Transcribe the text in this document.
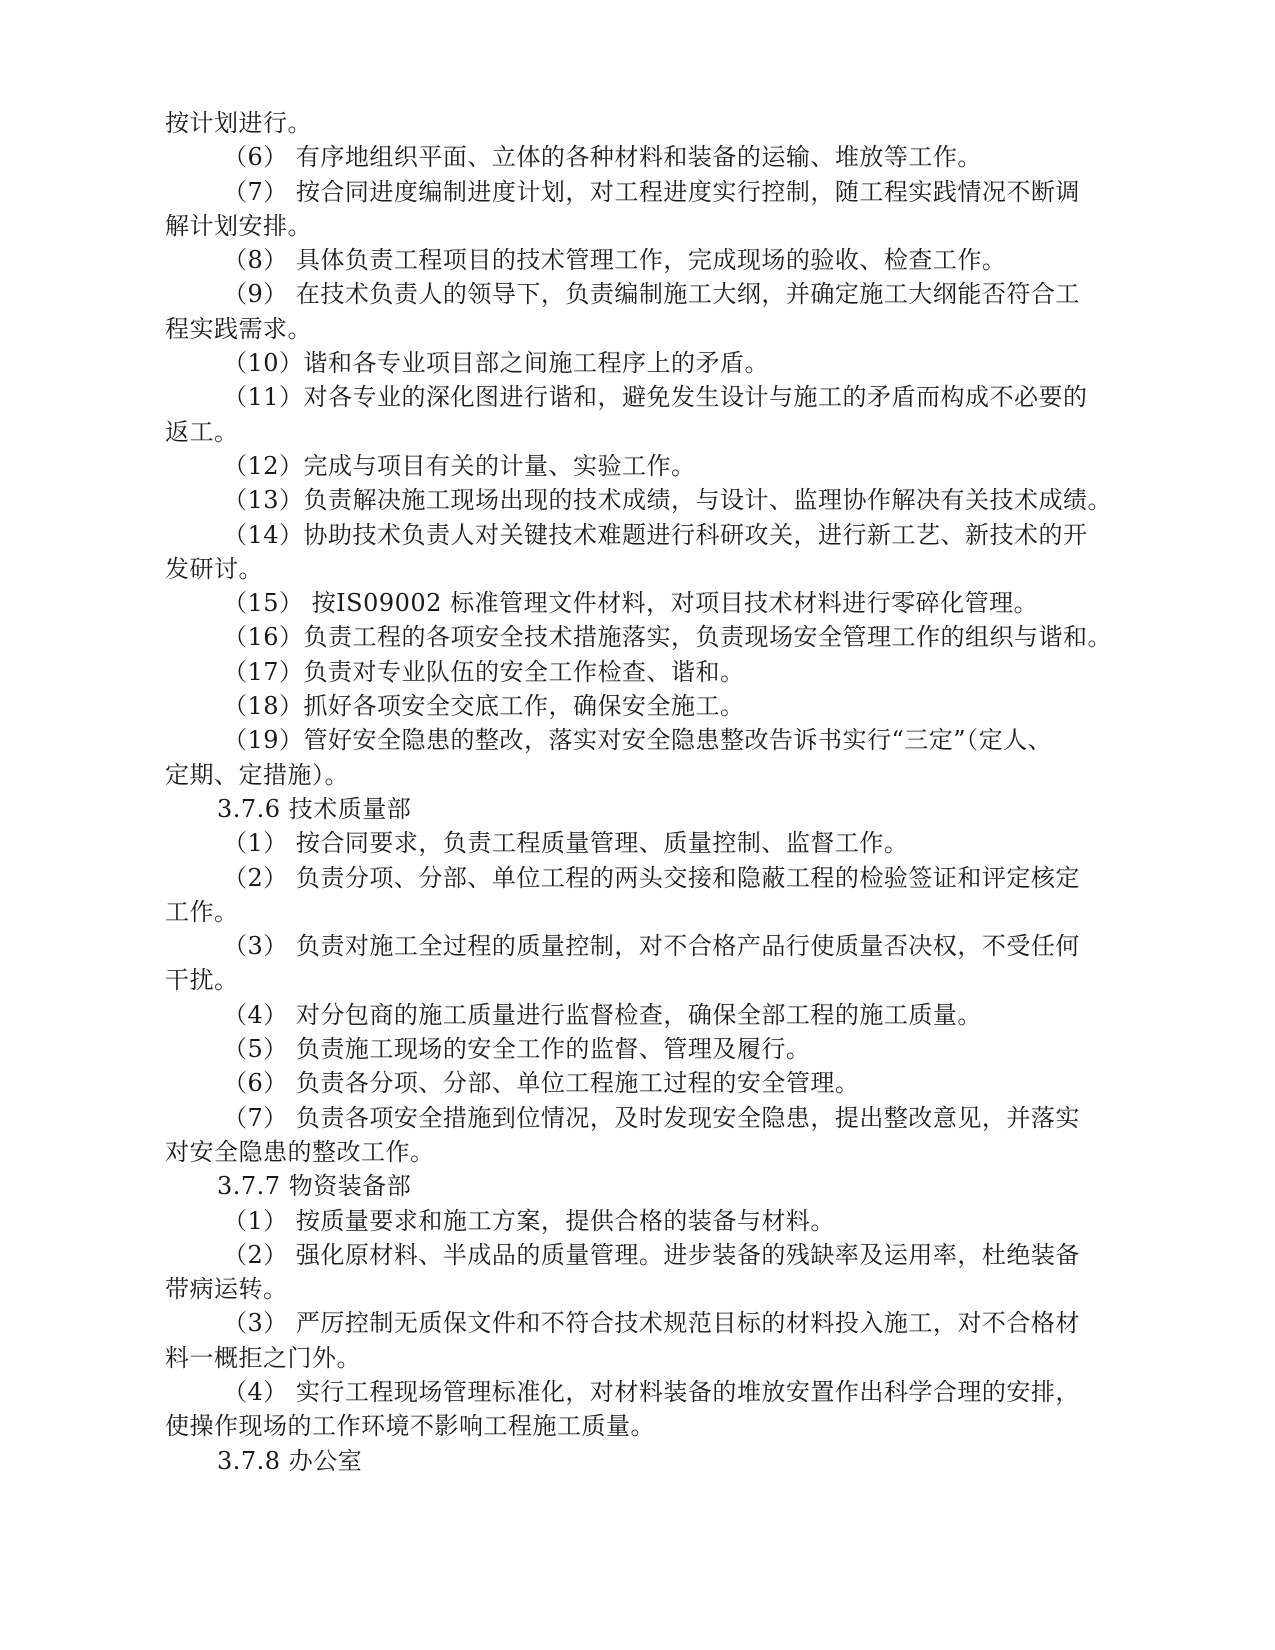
按计划进行。
（6） 有序地组织平面、立体的各种材料和装备的运输、堆放等工作。
（7） 按合同进度编制进度计划，对工程进度实行控制，随工程实践情况不断调
解计划安排。
（8） 具体负责工程项目的技术管理工作，完成现场的验收、检查工作。
（9） 在技术负责人的领导下，负责编制施工大纲，并确定施工大纲能否符合工
程实践需求。
（10）谐和各专业项目部之间施工程序上的矛盾。
（11）对各专业的深化图进行谐和，避免发生设计与施工的矛盾而构成不必要的
返工。
（12）完成与项目有关的计量、实验工作。
（13）负责解决施工现场出现的技术成绩，与设计、监理协作解决有关技术成绩。
（14）协助技术负责人对关键技术难题进行科研攻关，进行新工艺、新技术的开
发研讨。
（15） 按IS09002 标准管理文件材料，对项目技术材料进行零碎化管理。
（16）负责工程的各项安全技术措施落实，负责现场安全管理工作的组织与谐和。
（17）负责对专业队伍的安全工作检查、谐和。
（18）抓好各项安全交底工作，确保安全施工。
（19）管好安全隐患的整改，落实对安全隐患整改告诉书实行“三定”（定人、
定期、定措施）。
3.7.6 技术质量部
（1） 按合同要求，负责工程质量管理、质量控制、监督工作。
（2） 负责分项、分部、单位工程的两头交接和隐蔽工程的检验签证和评定核定
工作。
（3） 负责对施工全过程的质量控制，对不合格产品行使质量否决权，不受任何
干扰。
（4） 对分包商的施工质量进行监督检查，确保全部工程的施工质量。
（5） 负责施工现场的安全工作的监督、管理及履行。
（6） 负责各分项、分部、单位工程施工过程的安全管理。
（7） 负责各项安全措施到位情况，及时发现安全隐患，提出整改意见，并落实
对安全隐患的整改工作。
3.7.7 物资装备部
（1） 按质量要求和施工方案，提供合格的装备与材料。
（2） 强化原材料、半成品的质量管理。进步装备的残缺率及运用率，杜绝装备
带病运转。
（3） 严厉控制无质保文件和不符合技术规范目标的材料投入施工，对不合格材
料一概拒之门外。
（4） 实行工程现场管理标准化，对材料装备的堆放安置作出科学合理的安排，
使操作现场的工作环境不影响工程施工质量。
3.7.8 办公室
